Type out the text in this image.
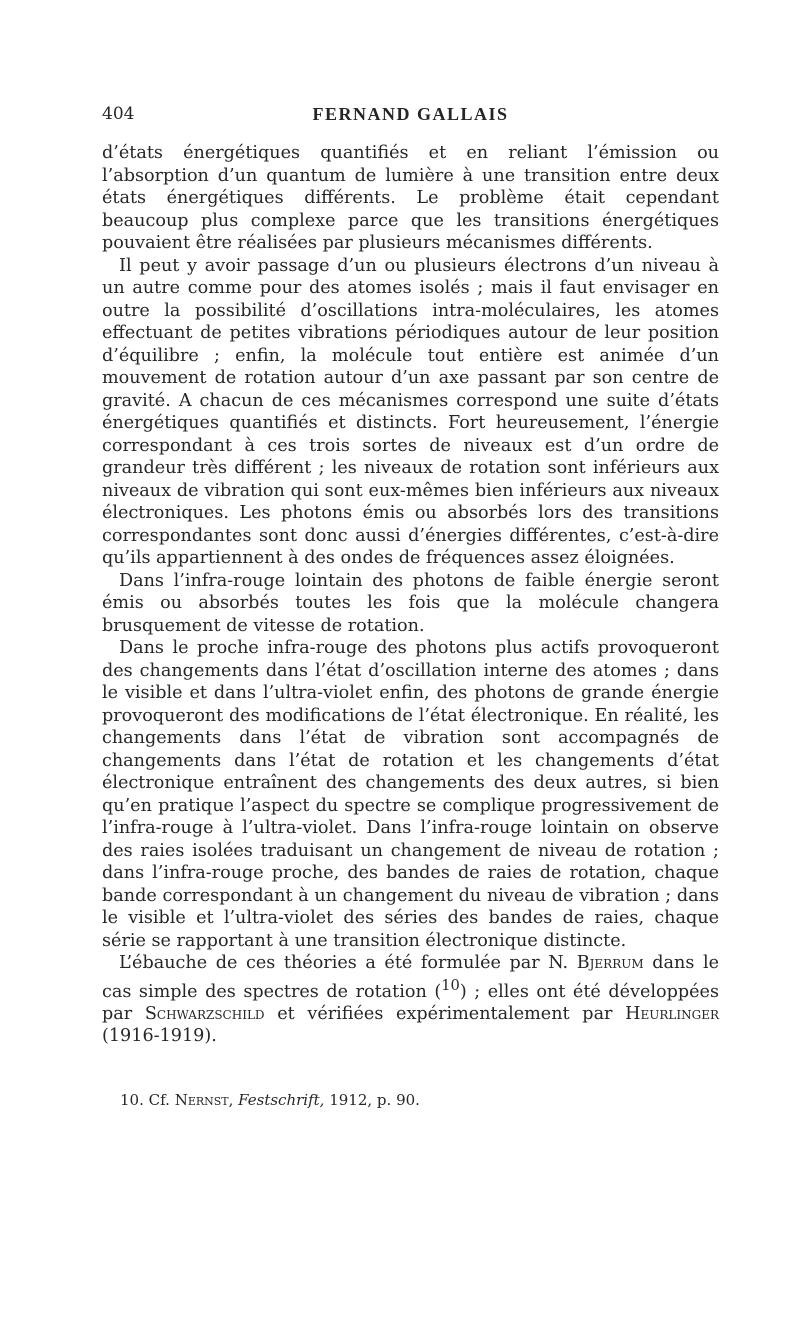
404	FERNAND GALLAIS

d’états énergétiques quantifiés et en reliant l’émission ou l’absorption d’un quantum de lumière à une transition entre deux états énergétiques différents. Le problème était cependant beaucoup plus complexe parce que les transitions énergétiques pouvaient être réalisées par plusieurs mécanismes différents.

Il peut y avoir passage d’un ou plusieurs électrons d’un niveau à un autre comme pour des atomes isolés ; mais il faut envisager en outre la possibilité d’oscillations intra-moléculaires, les atomes effectuant de petites vibrations périodiques autour de leur position d’équilibre ; enfin, la molécule tout entière est animée d’un mouvement de rotation autour d’un axe passant par son centre de gravité. A chacun de ces mécanismes correspond une suite d’états énergétiques quantifiés et distincts. Fort heureusement, l’énergie correspondant à ces trois sortes de niveaux est d’un ordre de grandeur très différent ; les niveaux de rotation sont inférieurs aux niveaux de vibration qui sont eux-mêmes bien inférieurs aux niveaux électroniques. Les photons émis ou absorbés lors des transitions correspondantes sont donc aussi d’énergies différentes, c’est-à-dire qu’ils appartiennent à des ondes de fréquences assez éloignées.

Dans l’infra-rouge lointain des photons de faible énergie seront émis ou absorbés toutes les fois que la molécule changera brusquement de vitesse de rotation.

Dans le proche infra-rouge des photons plus actifs provoqueront des changements dans l’état d’oscillation interne des atomes ; dans le visible et dans l’ultra-violet enfin, des photons de grande énergie provoqueront des modifications de l’état électronique. En réalité, les changements dans l’état de vibration sont accompagnés de changements dans l’état de rotation et les changements d’état électronique entraînent des changements des deux autres, si bien qu’en pratique l’aspect du spectre se complique progressivement de l’infra-rouge à l’ultra-violet. Dans l’infra-rouge lointain on observe des raies isolées traduisant un changement de niveau de rotation ; dans l’infra-rouge proche, des bandes de raies de rotation, chaque bande correspondant à un changement du niveau de vibration ; dans le visible et l’ultra-violet des séries des bandes de raies, chaque série se rapportant à une transition électronique distincte.

L’ébauche de ces théories a été formulée par N. Bjerrum dans le cas simple des spectres de rotation ($^{10}$) ; elles ont été développées par Schwarzschild et vérifiées expérimentalement par Heurlinger (1916-1919).

10. Cf. Nernst, Festschrift, 1912, p. 90.
